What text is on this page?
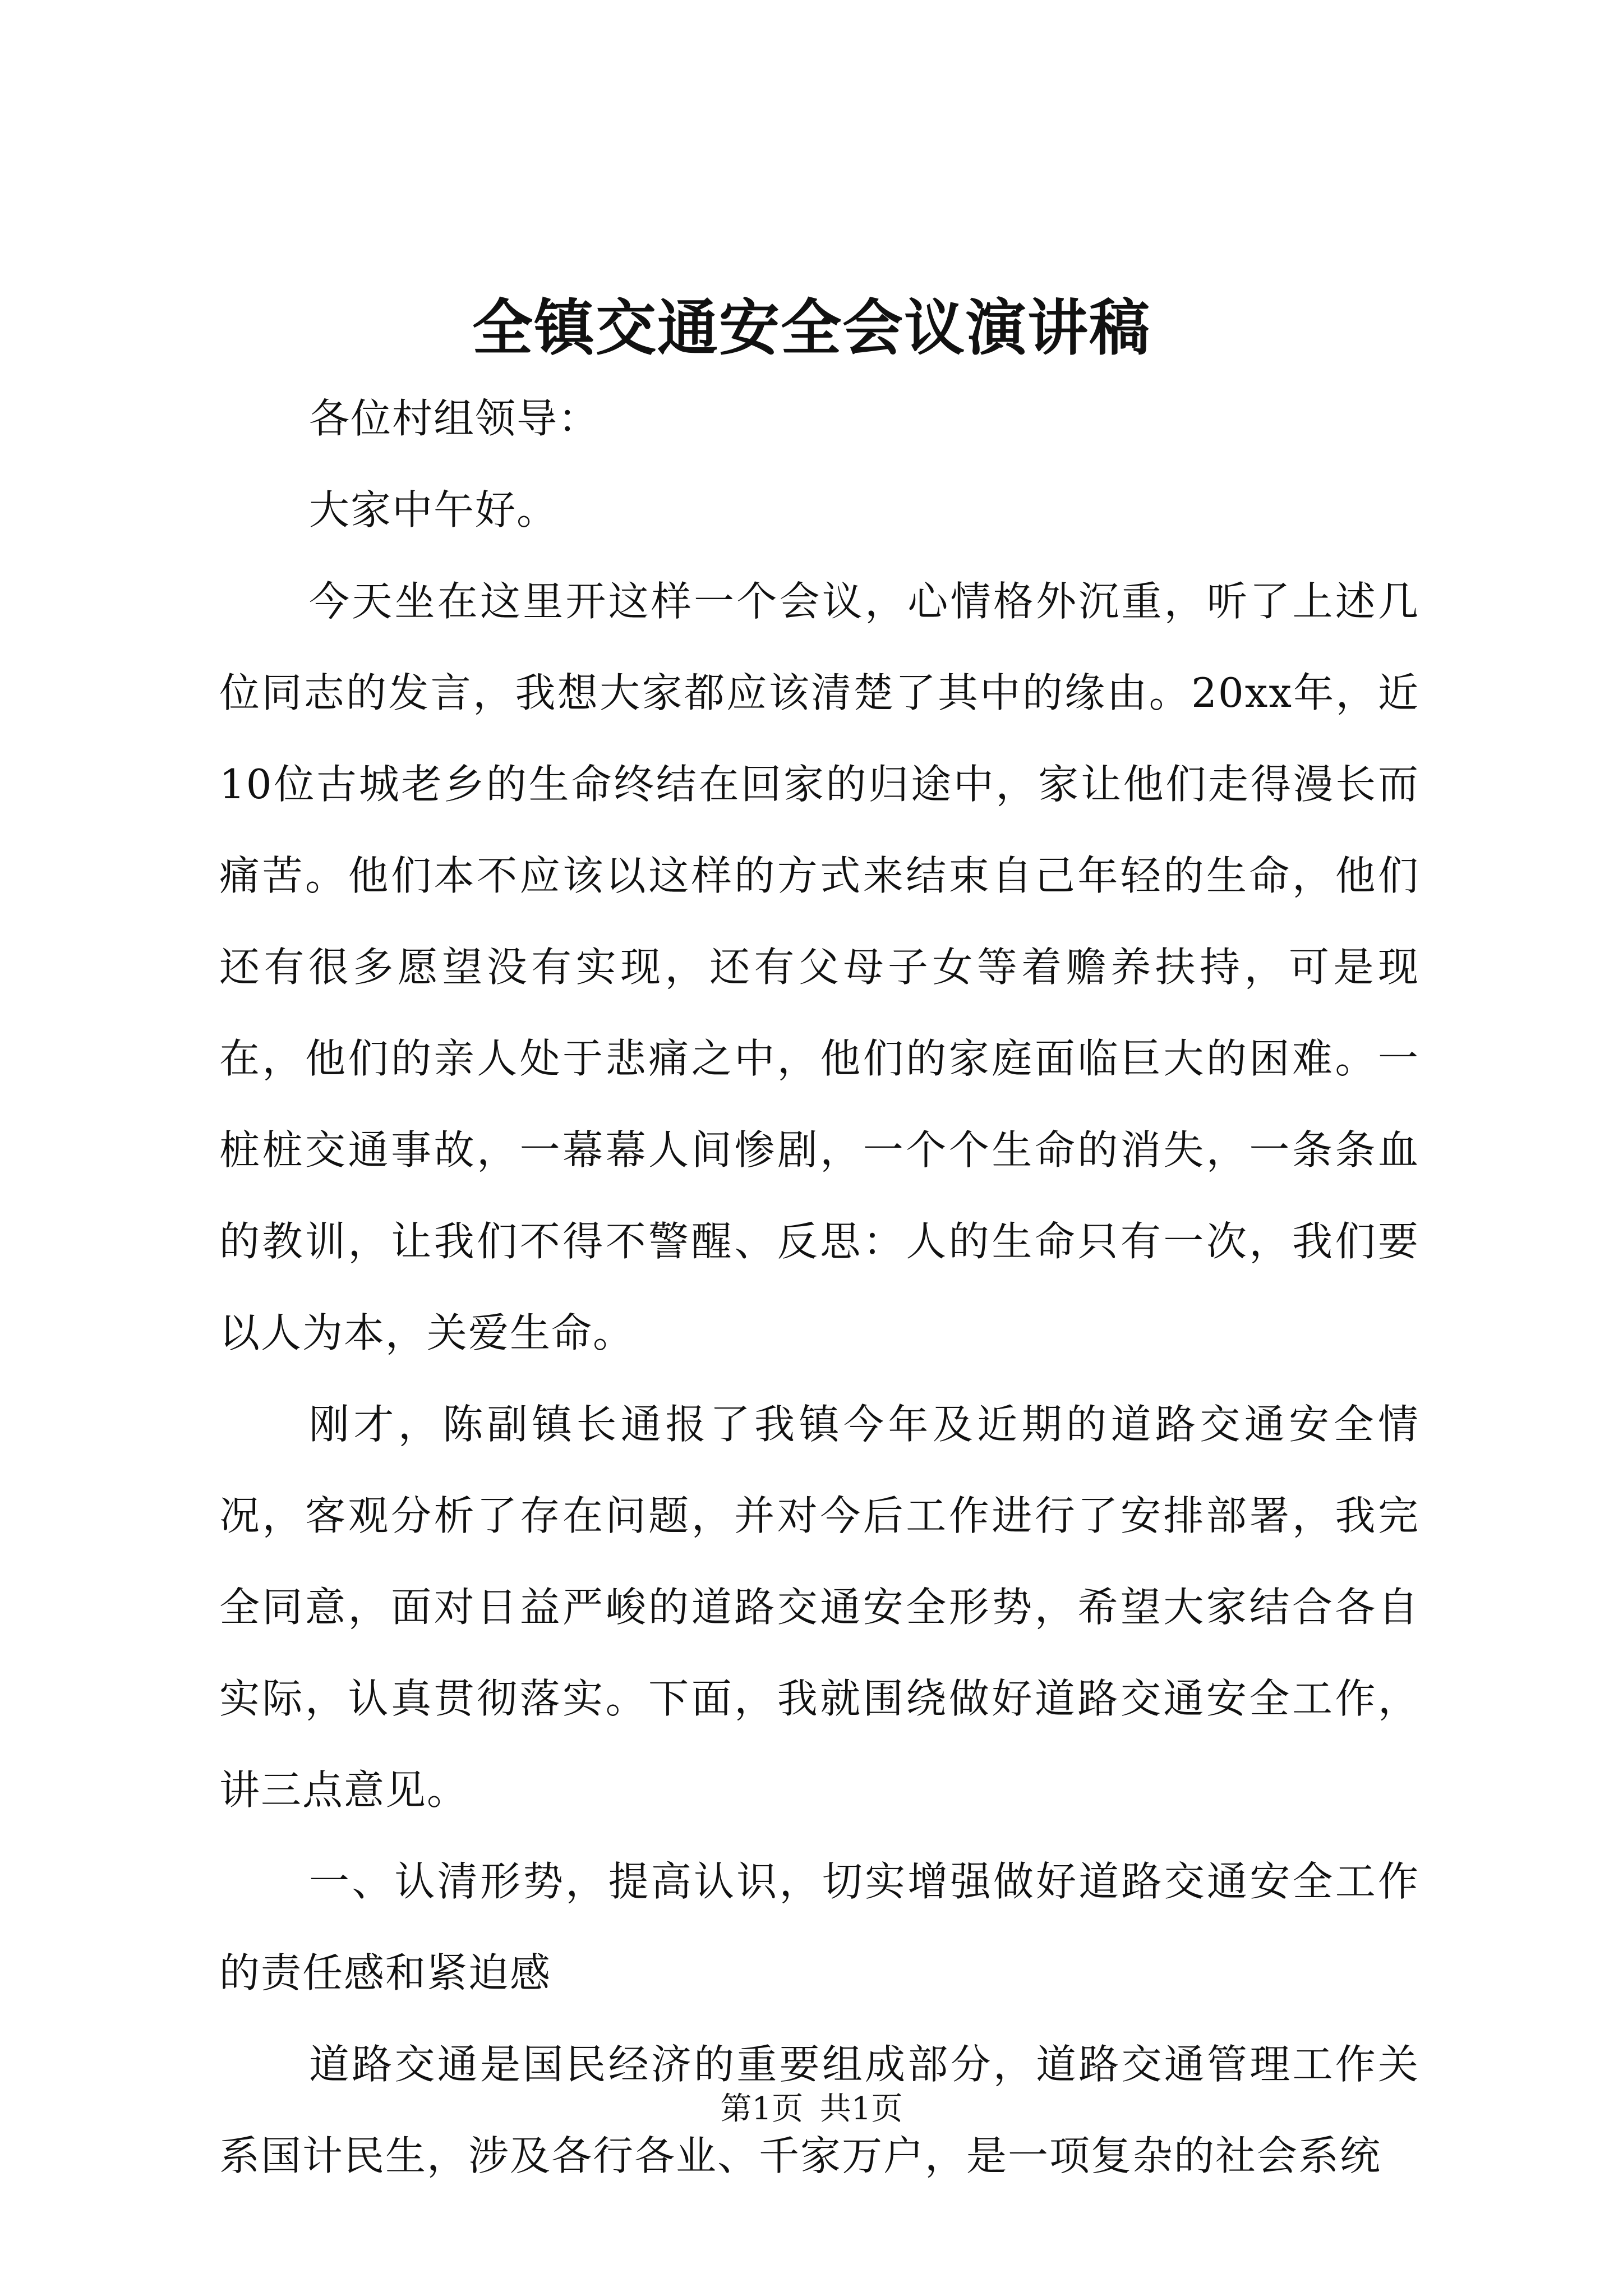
全镇交通安全会议演讲稿

各位村组领导：

大家中午好。

今天坐在这里开这样一个会议，心情格外沉重，听了上述几位同志的发言，我想大家都应该清楚了其中的缘由。20xx年，近10位古城老乡的生命终结在回家的归途中，家让他们走得漫长而痛苦。他们本不应该以这样的方式来结束自己年轻的生命，他们还有很多愿望没有实现，还有父母子女等着赡养扶持，可是现在，他们的亲人处于悲痛之中，他们的家庭面临巨大的困难。一桩桩交通事故，一幕幕人间惨剧，一个个生命的消失，一条条血的教训，让我们不得不警醒、反思：人的生命只有一次，我们要以人为本，关爱生命。

刚才，陈副镇长通报了我镇今年及近期的道路交通安全情况，客观分析了存在问题，并对今后工作进行了安排部署，我完全同意，面对日益严峻的道路交通安全形势，希望大家结合各自实际，认真贯彻落实。下面，我就围绕做好道路交通安全工作，讲三点意见。

一、认清形势，提高认识，切实增强做好道路交通安全工作的责任感和紧迫感

道路交通是国民经济的重要组成部分，道路交通管理工作关系国计民生，涉及各行各业、千家万户，是一项复杂的社会系统

第1页 共1页
